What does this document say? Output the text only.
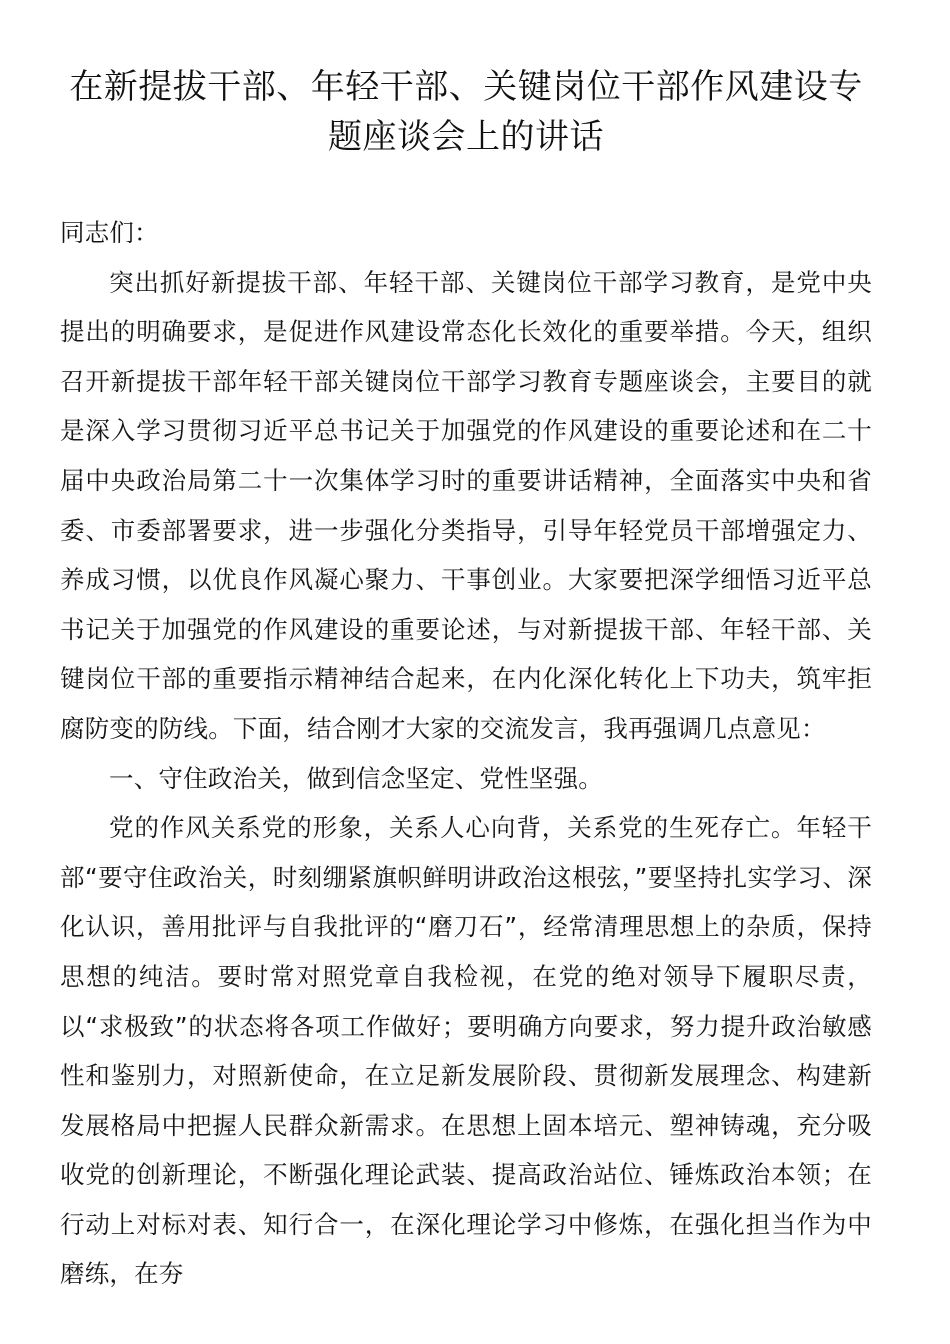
在新提拔干部、年轻干部、关键岗位干部作风建设专题座谈会上的讲话

同志们：

突出抓好新提拔干部、年轻干部、关键岗位干部学习教育，是党中央提出的明确要求，是促进作风建设常态化长效化的重要举措。今天，组织召开新提拔干部年轻干部关键岗位干部学习教育专题座谈会，主要目的就是深入学习贯彻习近平总书记关于加强党的作风建设的重要论述和在二十届中央政治局第二十一次集体学习时的重要讲话精神，全面落实中央和省委、市委部署要求，进一步强化分类指导，引导年轻党员干部增强定力、养成习惯，以优良作风凝心聚力、干事创业。大家要把深学细悟习近平总书记关于加强党的作风建设的重要论述，与对新提拔干部、年轻干部、关键岗位干部的重要指示精神结合起来，在内化深化转化上下功夫，筑牢拒腐防变的防线。下面，结合刚才大家的交流发言，我再强调几点意见：

一、守住政治关，做到信念坚定、党性坚强。

党的作风关系党的形象，关系人心向背，关系党的生死存亡。年轻干部“要守住政治关，时刻绷紧旗帜鲜明讲政治这根弦，”要坚持扎实学习、深化认识，善用批评与自我批评的“磨刀石”，经常清理思想上的杂质，保持思想的纯洁。要时常对照党章自我检视，在党的绝对领导下履职尽责，以“求极致”的状态将各项工作做好；要明确方向要求，努力提升政治敏感性和鉴别力，对照新使命，在立足新发展阶段、贯彻新发展理念、构建新发展格局中把握人民群众新需求。在思想上固本培元、塑神铸魂，充分吸收党的创新理论，不断强化理论武装、提高政治站位、锤炼政治本领；在行动上对标对表、知行合一，在深化理论学习中修炼，在强化担当作为中磨练，在夯
